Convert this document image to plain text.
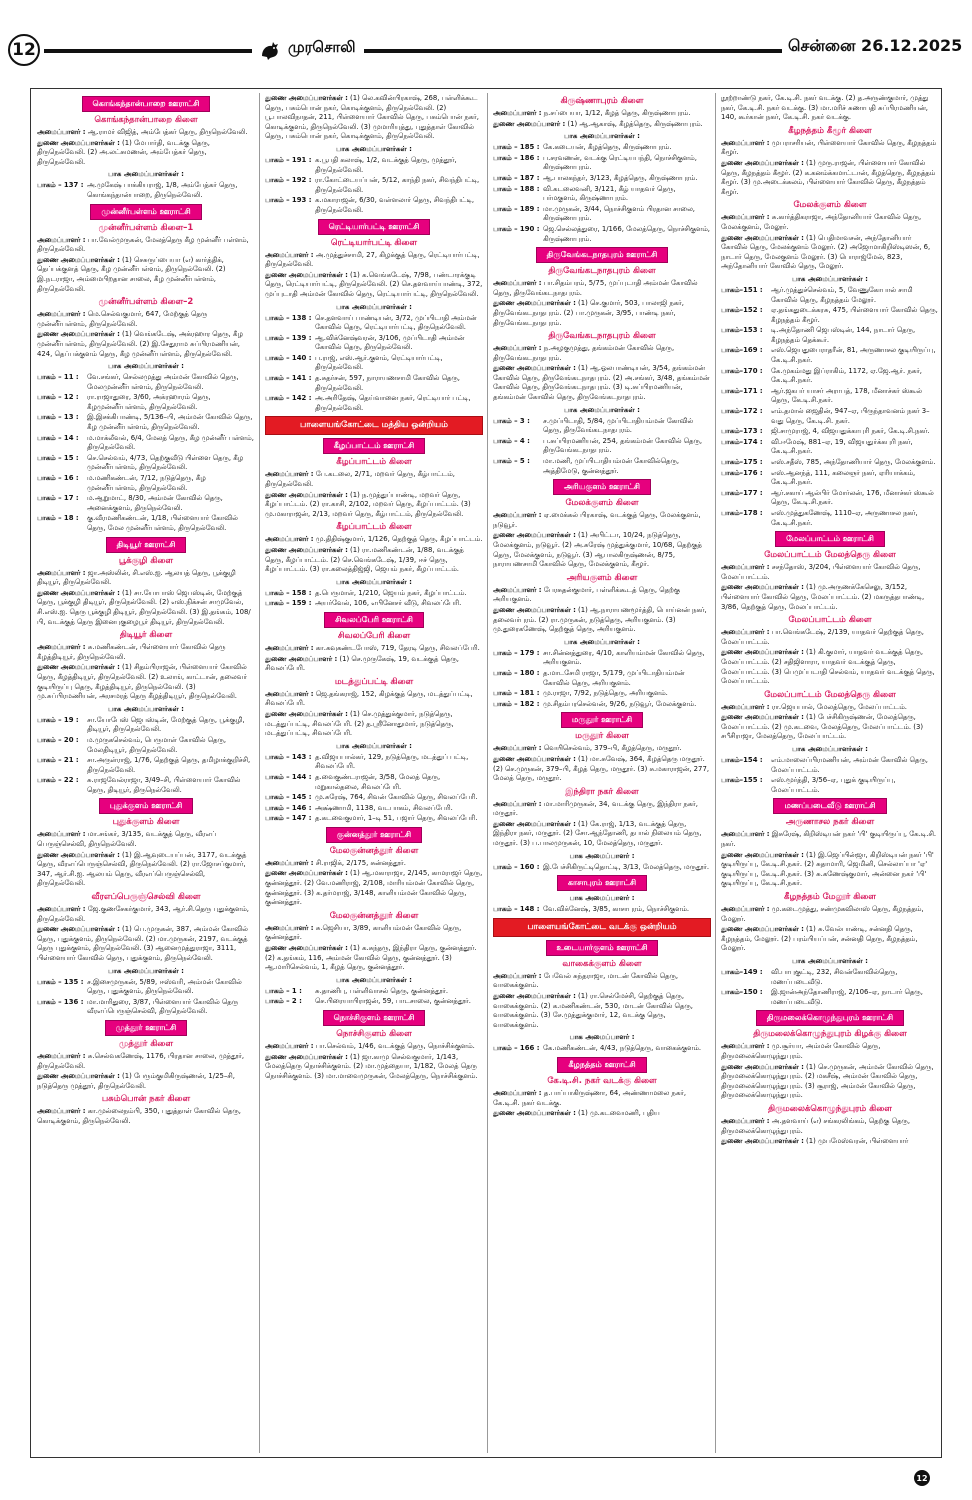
12	முரசொலி	சென்னை 26.12.2025
கொங்கந்தான்பாறை ஊராட்சி
கொங்கந்தான்பாறை கிளை

அமைப்பாளர் : ஆ.ராமர் விஜித், அம்பேத்கர் தெரு, திருநெல்வேலி.

துணை அமைப்பாளர்கள் : (1) மேபார்தி, வடக்கு தெரு, திருநெல்வேலி. (2) அ.லட்சுமணன், அம்பேத்கர் தெரு, திருநெல்வேலி.

பாக அமைப்பாளர்கள் :
பாகம் – 137 : அ.முகேஷ் பாக்கியராஜ், 1/8, அம்பேத்கர் தெரு, கொங்கந்தான்பாறை, திருநெல்வேலி.
முன்னீர்பள்ளம் ஊராட்சி
முன்னீர்பள்ளம் கிளை–1

அமைப்பாளர் : பா.வேல்முருகன், மேலத்தெரு கீழ முன்னீர் பள்ளம், திருநெல்வேலி.

துணை அமைப்பாளர்கள் : (1) செசுருப்பையா (எ) கார்த்திக், தெப்பக்குளத் தெரு, கீழ முன்னீர்பள்ளம், திருநெல்வேலி. (2) இ.நடராஜா, அம்மைபிறதான சாலை, கீழ முன்னீர்பள்ளம், திருநெல்வேலி.

முன்னீர்பள்ளம் கிளை–2

அமைப்பாளர் : மெ.செல்வகுமார், 647, மேற்குத் தெரு முன்னீர்பள்ளம், திருநெல்வேலி.

துணை அமைப்பாளர்கள் : (1) வெங்கடேஷ், அக்ரஹார தெரு, கீழ முன்னீர்பள்ளம், திருநெல்வேலி. (2) இ.சேதுராம சுப்பிரமணியன், 424, தெப்பக்குளம் தெரு, கீழ முன்னீர்பள்ளம், திருநெல்வேலி.

பாக அமைப்பாளர்கள் :
பாகம் – 11 :	வே.சங்கர், செல்லமுத்து அம்மன் கோவில் தெரு, மேலமுன்னீர்பள்ளம், திருநெல்வேலி.
பாகம் – 12 :	ரா.ராஜாதுரை, 3/60, அக்ரஹாரம் தெரு, கீழமுன்னீர்பள்ளம், திருநெல்வேலி.
பாகம் – 13 :	இ.இசக்கிபாண்டி, 5/136–பி, அம்மன் கோவில் தெரு, கீழ முன்னீர்பள்ளம், திருநெல்வேலி.
பாகம் – 14 :	ம.மாக்லீவல், 6/4, மேலத் தெரு, கீழ முன்னீர் பள்ளம், திருநெல்வேலி.
பாகம் – 15 :	செ.செல்வம், 4/73, தெற்குவீடு பிள்ளை தெரு, கீழ முன்னீர்பள்ளம், திருநெல்வேலி.
பாகம் – 16 :	ம.மணிகண்டன், 7/12, நடுத்தெரு, கீழ முன்னீர்பள்ளம், திருநெல்வேலி.
பாகம் – 17 :	ம.ஆறுமாட், 8/30, அம்மன் கோவில் தெரு, அனைக்குளம், திருநெல்வேலி.
பாகம் – 18 :	கு.வீரமணிகண்டன், 1/18, பிள்ளையார் கோவில் தெரு, மேல முன்னீர்பள்ளம், திருநெல்வேலி.
திடியூர் ஊராட்சி
பூக்குழி கிளை

அமைப்பாளர் : ஜா.அஸ்லின், சி.எஸ்.ஐ. ஆலயத் தெரு, பூக்குழி திடியூர், திருநெல்வேலி.

துணை அமைப்பாளர்கள் : (1) சா.யோபாஸ் ஜெபஸ்டின், மேற்குத் தெரு, பூக்குழி திடியூர், திருநெல்வேலி. (2) எஸ்.நிக்சன் சாமுவேல், சி.எஸ்.ஐ. தெரு பூக்குழி திடியூர், திருநெல்வேலி. (3) இ.தங்கம், 108/பி, வடக்குத் தெரு இனைபுகுழைபூர் திடியூர், திருநெல்வேலி.

திடியூர் கிளை

அமைப்பாளர் : சு.மணிகண்டன், பிள்ளையார் கோவில் தெரு கீழத்திடியூர், திருநெல்வேலி.

துணை அமைப்பாளர்கள் : (1) சிதம்பிராஜன், பிள்ளையார் கோவில் தெரு, கீழத்திடியூர், திருநெல்வேலி. (2) உலாங், காட்டான், தலைவர் குடியிருப்பு தெரு, கீழத்திடியூர், திருநெல்வேலி. (3) மு.சுப்பிரமணியன், அரசமரத் தெரு கீழத்திடியூர், திருநெல்வேலி.

பாக அமைப்பாளர்கள் :
பாகம் – 19 :	சா.யோபேஸ் ஜெபஸ்டின், மேற்குத் தெரு, பூக்குழி, திடியூர், திருநெல்வேலி.
பாகம் – 20 :	ம.முருகசெல்வம், பெருமாள் கோவில் தெரு, மேலதிடியூர், திருநெல்வேலி.
பாகம் – 21 :	சா.அருள்ராஜ், 1/76, தெற்குத் தெரு, தமிழாக்குறிச்சி, திருநெல்வேலி.
பாகம் – 22 :	சு.ராஜவேல்ராஜா, 3/49–சி, பிள்ளையார் கோவில் தெரு, திடியூர், திருநெல்வேலி.
புதுக்குளம் ஊராட்சி
புதுக்குளம் கிளை

அமைப்பாளர் : மா.சங்கர், 3/135, வடக்குத் தெரு, வீரஎப் பெருஞ்செல்வி, திருநெல்வேலி.

துணை அமைப்பாளர்கள் : (1) இ.ஆவுடையப்பன், 3177, வடக்குத் தெரு, வீரஎப்பெருஞ்செல்வி, திருநெல்வேலி. (2) ரா.ஜோசப்குமார், 347, ஆர்.சி.ஐ. ஆலயம் தெரு, வீரஎப்பெருஞ்செல்வி, திருநெல்வேலி.

வீரஎப்பெருஞ்செல்வி கிளை

அமைப்பாளர் : ஜே.குணசேகர்குமார், 343, ஆர்.சி.தெரு புதுக்குளம், திருநெல்வேலி.

துணை அமைப்பாளர்கள் : (1) பெ.முருகன், 387, அம்மன் கோவில் தெரு, புதுக்குளம், திருநெல்வேலி. (2) மா.முருகன், 2197, வடக்குத் தெரு புதுக்குளம், திருநெல்வேலி. (3) ஆனைமுத்துராஜா, 3111, பிள்ளையார் கோவில் தெரு, புதுக்குளம், திருநெல்வேலி.

பாக அமைப்பாளர்கள் :
பாகம் – 135 : ச.இசைமுருகன், 5/89, ஈஸ்வரி, அம்மன் கோவில் தெரு, புதுக்குளம், திருநெல்வேலி.
பாகம் – 136 : மா.மாரிதுரை, 3/87, பிள்ளையார் கோவில் தெரு வீரஎப்பெருஞ்செல்வி, திருநெல்வேலி.
முத்தூர் ஊராட்சி
முத்தூர் கிளை

அமைப்பாளர் : சு.செல்வகணேஷ், 1176, பிரதான சாலை, முத்தூர், திருநெல்வேலி.

துணை அமைப்பாளர்கள் : (1) பேரும்குமிகிருஷ்ணன், 1/25–சி, நடுத்தெரு முத்தூர், திருநெல்வேலி.

பசும்பொன் நகர் கிளை

அமைப்பாளர் : கா.முல்லைநம்பி, 350, புதுத்தாள் கோவில் தெரு, கொடிக்குளம், திருநெல்வேலி.

துணை அமைப்பாளர்கள் : (1) லெ.கவின்பிரகாஷ், 268, பள்ளிக்கூட தெரு, பசும்பொன் நகர், கொடிக்குளம், திருநெல்வேலி. (2) பூ.பாலவிநாதன், 211, பிள்ளையார் கோவில் தெரு, பசும்பொன் நகர், கொடிக்குளம், திருநெல்வேலி. (3) முமாரியுத்து, புதுத்தாள் கோவில் தெரு, பசும்பொன் நகர், கொடிக்குளம், திருநெல்வேலி.

பாக அமைப்பாளர்கள் :
பாகம் – 191 : க.பூபதி கலாஷ், 1/2, வடக்குத் தெரு, முத்தூர், திருநெல்வேலி.
பாகம் – 192 : ரா.கோட்டையப்பன், 5/12, காந்தி நகர், சிவந்திபட்டி, திருநெல்வேலி.
பாகம் – 193 : க.மகாராஜன், 6/30, வள்ளலார் தெரு, சிவந்திபட்டி, திருநெல்வேலி.
ரெட்டியார்பட்டி ஊராட்சி
ரெட்டியார்பட்டி கிளை

அமைப்பாளர் : அ.முத்துச்சாமி, 27, கிழக்குத் தெரு, ரெட்டியார்பட்டி, திருநெல்வேலி.

துணை அமைப்பாளர்கள் : (1) க.வெங்கடேஷ், 7/98, பண்டாரக்குடி தெரு, ரெட்டியார்பட்டி, திருநெல்வேலி. (2) செ.தளவாய்பாண்டி, 372, முப்புடாதி அம்மன் கோவில் தெரு, ரெட்டியார்பட்டி, திருநெல்வேலி.

பாக அமைப்பாளர்கள் :
பாகம் – 138 : செ.தளவாய் பாண்டியன், 3/72, முப்பிடாதி அம்மன் கோவில் தெரு, ரெட்டியார்பட்டி, திருநெல்வேலி.
பாகம் – 139 : ஆ.விக்னேஷ்வரன், 3/106, முப்பிடாதி அம்மன் கோவில் தெரு, திருநெல்வேலி.
பாகம் – 140 : ப.ராஜ், எஸ்.ஆர்.குளம், ரெட்டியார்பட்டி, திருநெல்வேலி.
பாகம் – 141 : த.சுதர்சன், 597, நாராயணசாமி கோவில் தெரு, திருநெல்வேலி.
பாகம் – 142 : அ.அரிதேஷ், தெய்வானை நகர், ரெட்டியார் பட்டி, திருநெல்வேலி.
பாளையங்கோட்டை மத்திய ஒன்றியம்
கீழப்பாட்டம் ஊராட்சி
கீழப்பாட்டம் கிளை

அமைப்பாளர் : பே.கடலை, 2/71, மறவர் தெரு, கீழ்பாட்டம், திருநெல்வேலி.

துணை அமைப்பாளர்கள் : (1) ந.முத்துப்பாண்டி, மறவர் தெரு, கீழப்பாட்டம். (2) ரா.காசி, 2/102, மறவர் தெரு, கீழப்பாட்டம். (3) மு.மகாராஜன், 2/13, மறவர் தெரு, கீழ்பாட்டம், திருநெல்வேலி.

கீழப்பாட்டம் கிளை

அமைப்பாளர் : மு.திதிஷ்குமார், 1/126, தெற்குத் தெரு, கீழப்பாட்டம்.

துணை அமைப்பாளர்கள் : (1) ரா.மணிகண்டன், 1/88, வடக்குத் தெரு, கீழப்பாட்டம். (2) செ.வெங்கடேஷ், 1/39, ஈச் தெரு, கீழப்பாட்டம். (3) ரா.கலைத்திஜ்ஜி, ஜெயம் நகர், கீழப்பாட்டம்.

பாக அமைப்பாளர்கள் :
பாகம் – 158 : த.பெருமாள், 1/210, ஜெயம் நகர், கீழப்பாட்டம்.
பாகம் – 159 : அயர்வேல், 106, எபினேசர் வீடு, சிவலப்பேரி.
சிவலப்பேரி ஊராட்சி
சிவலப்பேரி கிளை

அமைப்பாளர் : கா.கவுகண்டபோஸ், 719, தேரடி தெரு, சிவலப்பேரி.

துணை அமைப்பாளர் : (1) செ.முருகேஷ், 19, வடக்குத் தெரு, சிவலப்பேரி.

மடத்துப்பட்டி கிளை

அமைப்பாளர் : ஜெ.தங்கராஜ், 152, கிழக்குத் தெரு, மடத்துப்பட்டி, சிவலப்பேரி.

துணை அமைப்பாளர்கள் : (1) செ.முத்துக்குமார், நடுத்தெரு, மடத்துப்பட்டி, சிவலப்பேரி. (2) த.ஸ்ரீனோதுமார், நடுத்தெரு, மடத்துப்பட்டி, சிவலப்பேரி.

பாக அமைப்பாளர்கள் :
பாகம் – 143 : த.விஜயபால்கர், 129, நடுத்தெரு, மடத்துப் பட்டி, சிவலப்பேரி.
பாகம் – 144 : த.வைகுண்டராஜன், 3/58, மேலத் தெரு, மறுகால்தலை, சிவலப்பேரி.
பாகம் – 145 : மு.சுரேஷ், 764, சிவன் கோவில் தெரு, சிவலப்பேரி.
பாகம் – 146 : அக்ஷ்ணாமி, 1138, வடபாகம், சிவலப்பேரி.
பாகம் – 147 : த.கடவைகுமார், 1–டி 51, பஜார் தெரு, சிவலப்பேரி.
குன்னத்தூர் ஊராட்சி
மேலகுன்னத்தூர் கிளை

அமைப்பாளர் : சி.ராஜிக், 2/175, சுன்னத்தூர்.

துணை அமைப்பாளர்கள் : (1) ஆ.மகாராஜா, 2/145, காமராஜர் தெரு, குன்னத்தூர். (2) வே.மணிராஜ், 2/108, மாரியம்மன் கோவில் தெரு, குன்னத்தூர். (3) க.தர்மராஜ், 3/148, காளியம்மன் கோவில் தெரு, குன்னத்தூர்.

மேலகுன்னத்தூர் கிளை

அமைப்பாளர் : சு.ஜெசியா, 3/89, காளியம்மன் கோவில் தெரு, குன்னத்தூர்.

துணை அமைப்பாளர்கள் : (1) க.சுந்தரு, இந்திரா தெரு, குன்னத்தூர். (2) க.தங்கம், 116, அம்மன் கோவில் தெரு, குன்னத்தூர். (3) ஆ.மாரிசெல்வம், 1, கீழத் தெரு, குன்னத்தூர்.

பாக அமைப்பாளர்கள் :
பாகம் – 1 :	சு.தாணிபு, பள்ளிவாசல் தெரு, குன்னத்தூர்.
பாகம் – 2 :	செ.பிரையாபிராஜன், 59, பாடசாலை, குன்னத்தூர்.
நொச்சிகுளம் ஊராட்சி
நொச்சிகுளம் கிளை

அமைப்பாளர் : பா.செல்வம், 1/46, வடக்குத் தெரு, நொச்சிக்குளம்.

துணை அமைப்பாளர்கள் : (1) ஜா.காமு செல்வகுமார், 1/143, மேலத்தெரு நொச்சிக்குளம். (2) மா.முத்தையா, 1/182, மேலத் தெரு நொச்சிக்குளம். (3) மா.மாவைமுருகன், மேலத்தெரு, நொச்சிக்குளம்.

கிருஷ்ணாபுரம் கிளை

அமைப்பாளர் : ந.சப்பையா, 1/12, கீழத் தெரு, கிருஷ்ணாபுரம்.

துணை அமைப்பாளர் : (1) ஆ.ஆகாஷ், கீழத்தெரு, கிருஷ்ணாபுரம்.

பாக அமைப்பாளர்கள் :
பாகம் – 185 : கே.கடையன், கீழத்தெரு, கிருஷ்ணாபுரம்.
பாகம் – 186 : ப.சரவணன், வடக்கு ரெட்டியபந்தி, நொச்சிகுளம், கிருஷ்ணாபுரம்.
பாகம் – 187 : ஆ.பாலகந்தர், 3/123, கீழத்தெரு, கிருஷ்ணாபுரம்.
பாகம் – 188 : வி.கடலைவனி, 3/121, கீழ் யாதவர் தெரு, பர்மகுளம், கிருஷ்ணாபுரம்.
பாகம் – 189 : மா.முருகன், 3/44, நொச்சிகுளம் பிரதான சாலை, கிருஷ்ணாபுரம்.
பாகம் – 190 : ஜெ.செல்லத்துரை, 1/166, மேலத்தெரு, நொச்சிகுளம், கிருஷ்ணாபுரம்.
திருவேங்கடநாதபுரம் ஊராட்சி
திருவேங்கடநாதபுரம் கிளை

அமைப்பாளர் : பா.சிதம்பரம், 5/75, முப்புடாதி அம்மன் கோவில் தெரு, திருவேங்கடநாதபுரம்.

துணை அமைப்பாளர்கள் : (1) செ.குமார், 503, பாலாஜி நகர், திருவேங்கடநாதபுரம். (2) பா.முருகன், 3/95, பாண்டி நகர், திருவேங்கடநாதபுரம்.

திருவேங்கடநாதபுரம் கிளை

அமைப்பாளர் : ந.அழகுமுத்து, தங்கம்மன் கோவில் தெரு, திருவேங்கடநாதபுரம்.

துணை அமைப்பாளர்கள் : (1) ஆ.ஓலபாண்டியன், 3/54, தங்கம்மன் கோவில் தெரு, திருவேங்கடநாதபுரம். (2) அ.சங்கர், 3/48, தங்கம்மன் கோவில் தெரு, திருவேங்கடநாதபுரம். (3) டி.சுப்பிரமணியன், தங்கம்மன் கோவில் தெரு, திருவேங்கடநாதபுரம்.

பாக அமைப்பாளர்கள் :
பாகம் – 3 :	ச.முப்பிடாதி, 5/84, முப்பிடாதியம்மன் கோவில் தெரு, திருவேங்கடநாதபுரம்.
பாகம் – 4 :	ப.சுப்பிரமணியன், 254, தங்கம்மன் கோவில் தெரு, திருவேங்கடநாதபுரம்.
பாகம் – 5 :	மா.மணி, முப்பிடாதியம்மன் கோவில்தெரு, அத்திமேடு, குன்னத்தூர்.
அரியகுளம் ஊராட்சி
மேலக்குளம் கிளை

அமைப்பாளர் : ஏ.மைக்கல் பிரகாஷ், வடக்குத் தெரு, மேலக்குளம், நடுவூர்.

துணை அமைப்பாளர்கள் : (1) அபிட்டா, 10/24, நடுத்தெரு, மேலக்குளம், நடுவூர். (2) அ.சுரேஷ் முத்துக்குமார், 10/68, தெற்குத் தெரு, மேலக்குளம், நடுவூர். (3) ஆபாலகிருஷ்ணன், 8/75, நாராயணசாமி கோவில் தெரு, மேலக்குளம், கீழூர்.

அரியகுளம் கிளை

அமைப்பாளர் : பேரசுதன்குமார், பள்ளிக்கூடத் தெரு, தெற்கு அரியகுளம்.

துணை அமைப்பாளர்கள் : (1) ஆ.நாராயணமூர்த்தி, பொய்னன் நகர், தலைவர்புரம். (2) ரா.முருகன், நடுத்தெரு, அரியகுளம். (3) மு.துரைகணேஷ், தெற்குத் தெரு, அரியகுளம்.

பாக அமைப்பாளர்கள் :
பாகம் – 179 : சா.சின்னத்துரை, 4/10, காளியம்மன் கோவில் தெரு, அரியகுளம்.
பாகம் – 180 : த.மாடசேமி ராஜா, 5/179, முப்பிடாதியம்மன் கோவில் தெரு, அரியகுளம்.
பாகம் – 181 : மு.ராஜா, 7/92, நடுத்தெரு, அரியகுளம்.
பாகம் – 182 : மு.சிதம்பரசெல்வன், 9/26, நடுவூர், மேலக்குளம்.
மருதூர் ஊராட்சி
மருதூர் கிளை

அமைப்பாளர் : வெயிசெல்வம், 379–பி, கீழத்தெரு, மருதூர்.

துணை அமைப்பாளர்கள் : (1) மா.சுவேஷ், 364, கீழத்தெரு மருதூர். (2) செ.முருகன், 379–பி, கீழத் தெரு, மருதூர். (3) சு.மகாராஜன், 277, மேலத் தெரு, மருதூர்.

இந்திரா நகர் கிளை

அமைப்பாளர் : மா.மாரிமுருகன், 34, வடக்கு தெரு, இந்திரா நகர், மருதூர்.

துணை அமைப்பாளர்கள் : (1) கே.ராஜ், 1/13, வடக்குத் தெரு, இந்திரா நகர், மருதூர். (2) சோ.ஆந்தோணி, தபால் நிலையம் தெரு, மருதூர். (3) ப.பாலமுருகன், 10, மேலத்தெரு, மருதூர்.

பாக அமைப்பாளர் :
பாகம் – 160 : இ.பேச்சிகிருட்டிதொட்டி, 3/13, மேலத்தெரு, மருதூர்.
காசாபுரம் ஊராட்சி
பாக அமைப்பாளர் :
பாகம் – 148 : வே.விக்னேஷ், 3/85, காசாபுரம், நொச்சிகுளம்.
பாளையங்கோட்டை வடக்கு ஒன்றியம்
உடையார்குளம் ஊராட்சி
வாகைக்குளம் கிளை

அமைப்பாளர் : பேவேல் சுந்தராஜா, மாடன் கோவில் தெரு, வாகைக்குளம்.

துணை அமைப்பாளர்கள் : (1) ரா.செல்மேச்சி, தெற்குத் தெரு, வாகைக்குளம். (2) க.மணிகண்டன், 530, மாடன் கோவில் தெரு, வாகைக்குளம். (3) சே.முத்துக்குமார், 12, வடக்கு தெரு, வாகைக்குளம்.

பாக அமைப்பாளர் :
பாகம் – 166 : கே.மணிகண்டன், 4/43, நடுத்தெரு, வாகைக்குளம்.
கீழநத்தம் ஊராட்சி
கே.டி.சி. நகர் வடக்கு கிளை

அமைப்பாளர் : த.பாப்பாகிருஷ்ணா, 64, அண்ணாமலை நகர், கே.டி.சி. நகர் வடக்கு.

துணை அமைப்பாளர்கள் : (1) மு.கடவைமணி, புதிய

நூற்றாண்டு நகர், கே.டி.சி. நகர் வடக்கு. (2) த.அருண்குமார், முத்து நகர், கே.டி.சி. நகர் வடக்கு. (3) மா.மரிச் சுணாபதி சுப்பிரமணியன், 140, கூர்கான் நகர், கே.டி.சி. நகர் வடக்கு.

கீழநத்தம் கீழூர் கிளை

அமைப்பாளர் : முபராசரியன், பிள்ளையார் கோவில் தெரு, கீழநத்தம் கீழூர்.

துணை அமைப்பாளர்கள் : (1) முரு.ராஜன், பிள்ளையார் கோவில் தெரு, கீழநத்தம் கீழூர். (2) க.கனம்க்கமாட்டான், கீழத்தெரு, கீழநத்தம் கீழூர். (3) மு.அடைக்கலம், பிள்ளையார் கோவில் தெரு, கீழநத்தம் கீழூர்.

மேலக்குளம் கிளை

அமைப்பாளர் : சு.கார்த்திகராஜா, அந்தோனியார் கோவில் தெரு, மேலக்குளம், மேலூர்.

துணை அமைப்பாளர்கள் : (1) பெதிமாவசன், அந்தோனியார் கோவில் தெரு, மேலக்குளம் மேலூர். (2) அஜோமாகிறிஸ்டிஸன், 6, நாடார் தெரு, மேலகுளம் மேலூர். (3) பொராஜ்மேல், 823, அந்தோனியார் கோவில் தெரு, மேலூர்.

பாக அமைப்பாளர்கள் :
பாகம்–151 :	ஆர்.முத்துச்செல்வம், 5, வேணுகோபால் சாமி கோவில் தெரு, கீழநத்தம் மேலூர்.
பாகம்–152 :	ஏ.தங்கதுடைக்கரசு, 475, பிள்ளையார் கோவில் தெரு, கீழநத்தம் கீழூர்.
பாகம்–153 :	டி.அந்தோணி ஜெபஸ்டின், 144, நாடார் தெரு, கீழநத்தம் தெக்கூர்.
பாகம்–169 :	எஸ்.ஜெயதுபைராதரீன், 81, அருணாசல குடியிருப்பு, கே.டி.சி.நகர்.
பாகம்–170 :	கே.முகம்மது இப்ராகிம், 1172, ஏ.ஜே.ஆர். நகர், கே.டி.சி.நகர்.
பாகம்–171 :	ஆர்.ஜகபர் யாசர் அராபத், 178, மீனாச்கர் ஸ்கூல் தெரு, கே.டி.சி.நகர்.
பாகம்–172 :	எம்.தமால் ஜைதின், 947–ஏ, பிருந்தாவனம் நகர் 3–வது தெரு, கே.டி.சி. நகர்.
பாகம்–173 :	ஜி.சாமுராஜ், 4, விஜயதுக்காபுரி நகர், கே.டி.சி.நகர்.
பாகம்–174 :	வி.ஈமேஷ், 881–ஏ, 19, விஜயதுர்க்கபுரி நகர், கே.டி.சி.நகர்.
பாகம்–175 :	எஸ்.சதீஸ், 785, அந்தோணியார் தெரு, மேலக்குளம்.
பாகம்–176 :	எஸ்.ஆனந்த், 111, கலைஞர் நகர், ஏரியாக்கம், கே.டி.சி.நகர்.
பாகம்–177 :	ஆர்.சகாய் ஆல்பிர் மோர்லன், 176, மீனாச்கர் ஸ்கூல் தெரு, கே.டி.சி.நகர்.
பாகம்–178 :	எஸ்.முத்துகணேஷ், 1110–ஏ, அருணாசல நகர், கே.டி.சி.நகர்.
மேலப்பாட்டம் ஊராட்சி
மேலப்பாட்டம் மேலத்தெரு கிளை

அமைப்பாளர் : சசந்தோஸ், 3/204, பிள்ளையார் கோவில் தெரு, மேலப்பாட்டம்.

துணை அமைப்பாளர்கள் : (1) மு.அருணக்கேசெலு, 3/152, பிள்ளையார் கோவில் தெரு, மேலப்பாட்டம். (2) மகருத்தபாண்டி, 3/86, தெற்குத் தெரு, மேலப்பாட்டம்.

மேலப்பாட்டம் கிளை

அமைப்பாளர் : பா.வெங்கடேஷ், 2/139, யாதவர் தெற்குத் தெரு, மேலப்பாட்டம்.

துணை அமைப்பாளர்கள் : (1) கி.குமார், யாதவர் வடக்குத் தெரு, மேலப்பாட்டம். (2) சதிஜிளாரா, யாதவர் வடக்குத் தெரு, மேலப்பாட்டம். (3) பெமுப்படாதி செல்வம், யாதவர் வடக்குத் தெரு, மேலப்பாட்டம்.

மேலப்பாட்டம் மேலத்தெரு கிளை

அமைப்பாளர் : ரா.ஜெயபால், மேலத்தெரு, மேலப்பாட்டம்.

துணை அமைப்பாளர்கள் : (1) பேச்சிகிருஷ்ணன், மேலத்தெரு, மேலப்பாட்டம். (2) மு.கடவை, மேலத்தெரு, மேலப்பாட்டம். (3) சபீசிராஜா, மேலத்தெரு, மேலப்பாட்டம்.

பாக அமைப்பாளர்கள் :
பாகம்–154 :	எம்.மாலைப்பிரமணியன், அம்மன் கோவில் தெரு, மேலப்பாட்டம்.
பாகம்–155 :	எஸ்.மூர்த்தி, 3/56–ஏ, புதுக் குடியிருப்பு, மேலப்பாட்டம்.
மணப்படைவீடு ஊராட்சி
அருணாசல நகர் கிளை

அமைப்பாளர் : இசுரேஷ், கிறிஸ்டியன் நகர் 'பி' குடியிருப்பு, கே.டி.சி. நகர்.

துணை அமைப்பாளர்கள் : (1) இ.ஜெப்பின்ஜா, கிறிஸ்டியன் நகர் 'பி' குடியிருப்பு, கே.டி.சி.நகர். (2) சுதாமாரி, ஜெமினி, செல்லாப்பா 'ஏ' குடியிருப்பு, கே.டி.சி.நகர். (3) சு.கணேஷ்குமார், அன்னை நகர் 'பி' குடியிருப்பு, கே.டி.சி.நகர்.

கீழநத்தம் மேலூர் கிளை

அமைப்பாளர் : மு.கடைமுத்து, சண்முகவிலாஸ் தெரு, கீழநத்தம், மேலூர்.

துணை அமைப்பாளர்கள் : (1) சு.வேல்பாண்டி, சன்னதி தெரு, கீழநத்தம், மேலூர். (2) பரம்பியப்பன், சன்னதி தெரு, கீழநத்தம், மேலூர்.

பாக அமைப்பாளர்கள் :
பாகம்–149 :	வி.பாபுகுட்டி, 232, சிவன்கோவில்தெரு, மணப்படைவீடு.
பாகம்–150 :	இ.ஜான்அந்தோணிராஜ், 2/106–ஏ, நாடார் தெரு, மணப்படைவீடு.
திருமலைக்கொழுந்துபுரம் ஊராட்சி
திருமலைக்கொழுந்துபுரம் கிழக்கு கிளை

அமைப்பாளர் : மு.சூர்யா, அம்மன் கோவில் தெரு, திருமலைக்கொழுந்துபுரம்.

துணை அமைப்பாளர்கள் : (1) செ.முருகன், அம்மன் கோவில் தெரு, திருமலைக்கொழுந்துபுரம். (2) மகசீஷ், அம்மன் கோவில் தெரு, திருமலைக்கொழுந்துபுரம். (3) சூராஜ், அம்மன் கோவில் தெரு, திருமலைக்கொழுந்துபுரம்.

திருமலைக்கொழுந்துபுரம் கிளை

அமைப்பாளர் : அ.தளவாய் (எ) சங்கரலிங்கம், தெற்கு தெரு, திருமலைக்கொழுந்துபுரம்.

துணை அமைப்பாளர்கள் : (1) முபமேஸ்வரன், பிள்ளையார்

12
